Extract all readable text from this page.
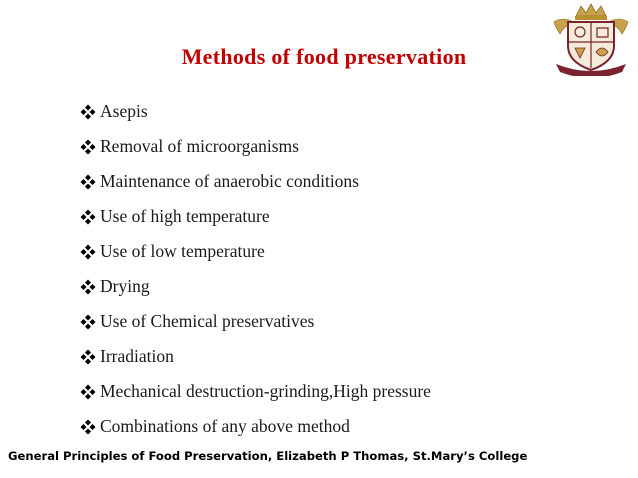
Methods of food preservation
Asepis
Removal of microorganisms
Maintenance of anaerobic conditions
Use of high temperature
Use of low temperature
Drying
Use of Chemical preservatives
Irradiation
Mechanical destruction-grinding,High pressure
Combinations of any above method

General Principles of Food Preservation, Elizabeth P Thomas, St.Mary’s College
